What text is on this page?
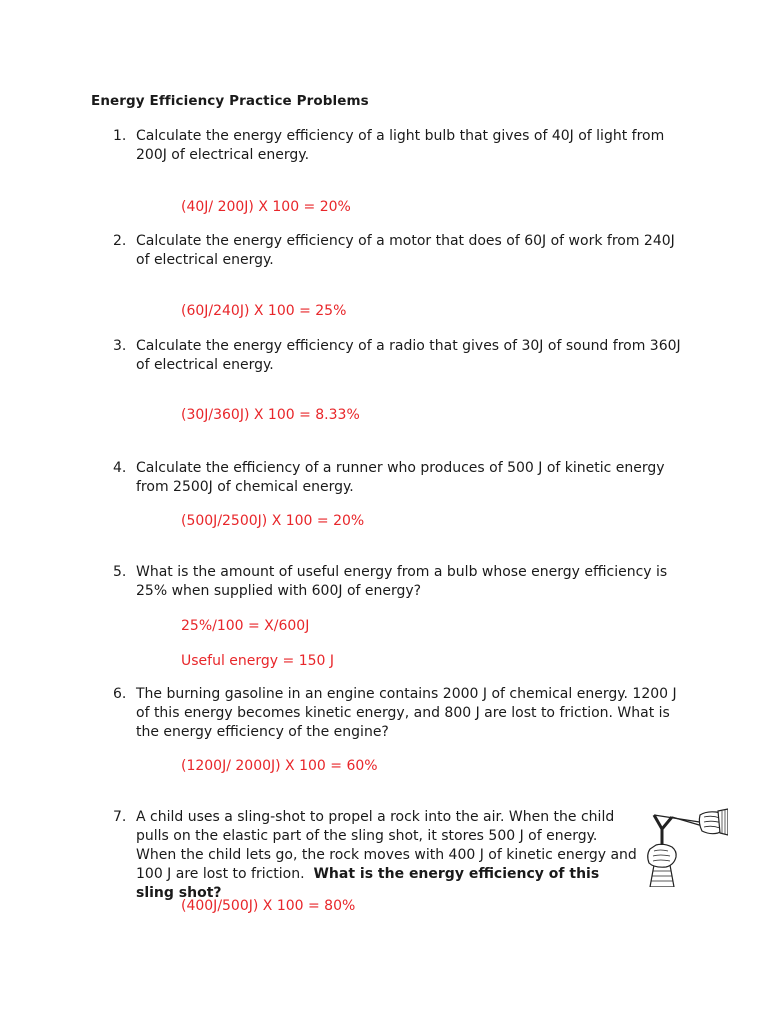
Energy Efficiency Practice Problems
1. Calculate the energy efficiency of a light bulb that gives of 40J of light from 200J of electrical energy.
(40J/ 200J) X 100 = 20%
2. Calculate the energy efficiency of a motor that does of 60J of work from 240J of electrical energy.
(60J/240J) X 100 = 25%
3. Calculate the energy efficiency of a radio that gives of 30J of sound from 360J of electrical energy.
(30J/360J) X 100 = 8.33%
4. Calculate the efficiency of a runner who produces of 500 J of kinetic energy from 2500J of chemical energy.
(500J/2500J) X 100 = 20%
5. What is the amount of useful energy from a bulb whose energy efficiency is 25% when supplied with 600J of energy?
25%/100 = X/600J
Useful energy = 150 J
6. The burning gasoline in an engine contains 2000 J of chemical energy. 1200 J of this energy becomes kinetic energy, and 800 J are lost to friction. What is the energy efficiency of the engine?
(1200J/ 2000J) X 100 = 60%
7. A child uses a sling-shot to propel a rock into the air. When the child pulls on the elastic part of the sling shot, it stores 500 J of energy. When the child lets go, the rock moves with 400 J of kinetic energy and 100 J are lost to friction. What is the energy efficiency of this sling shot?
(400J/500J) X 100 = 80%
